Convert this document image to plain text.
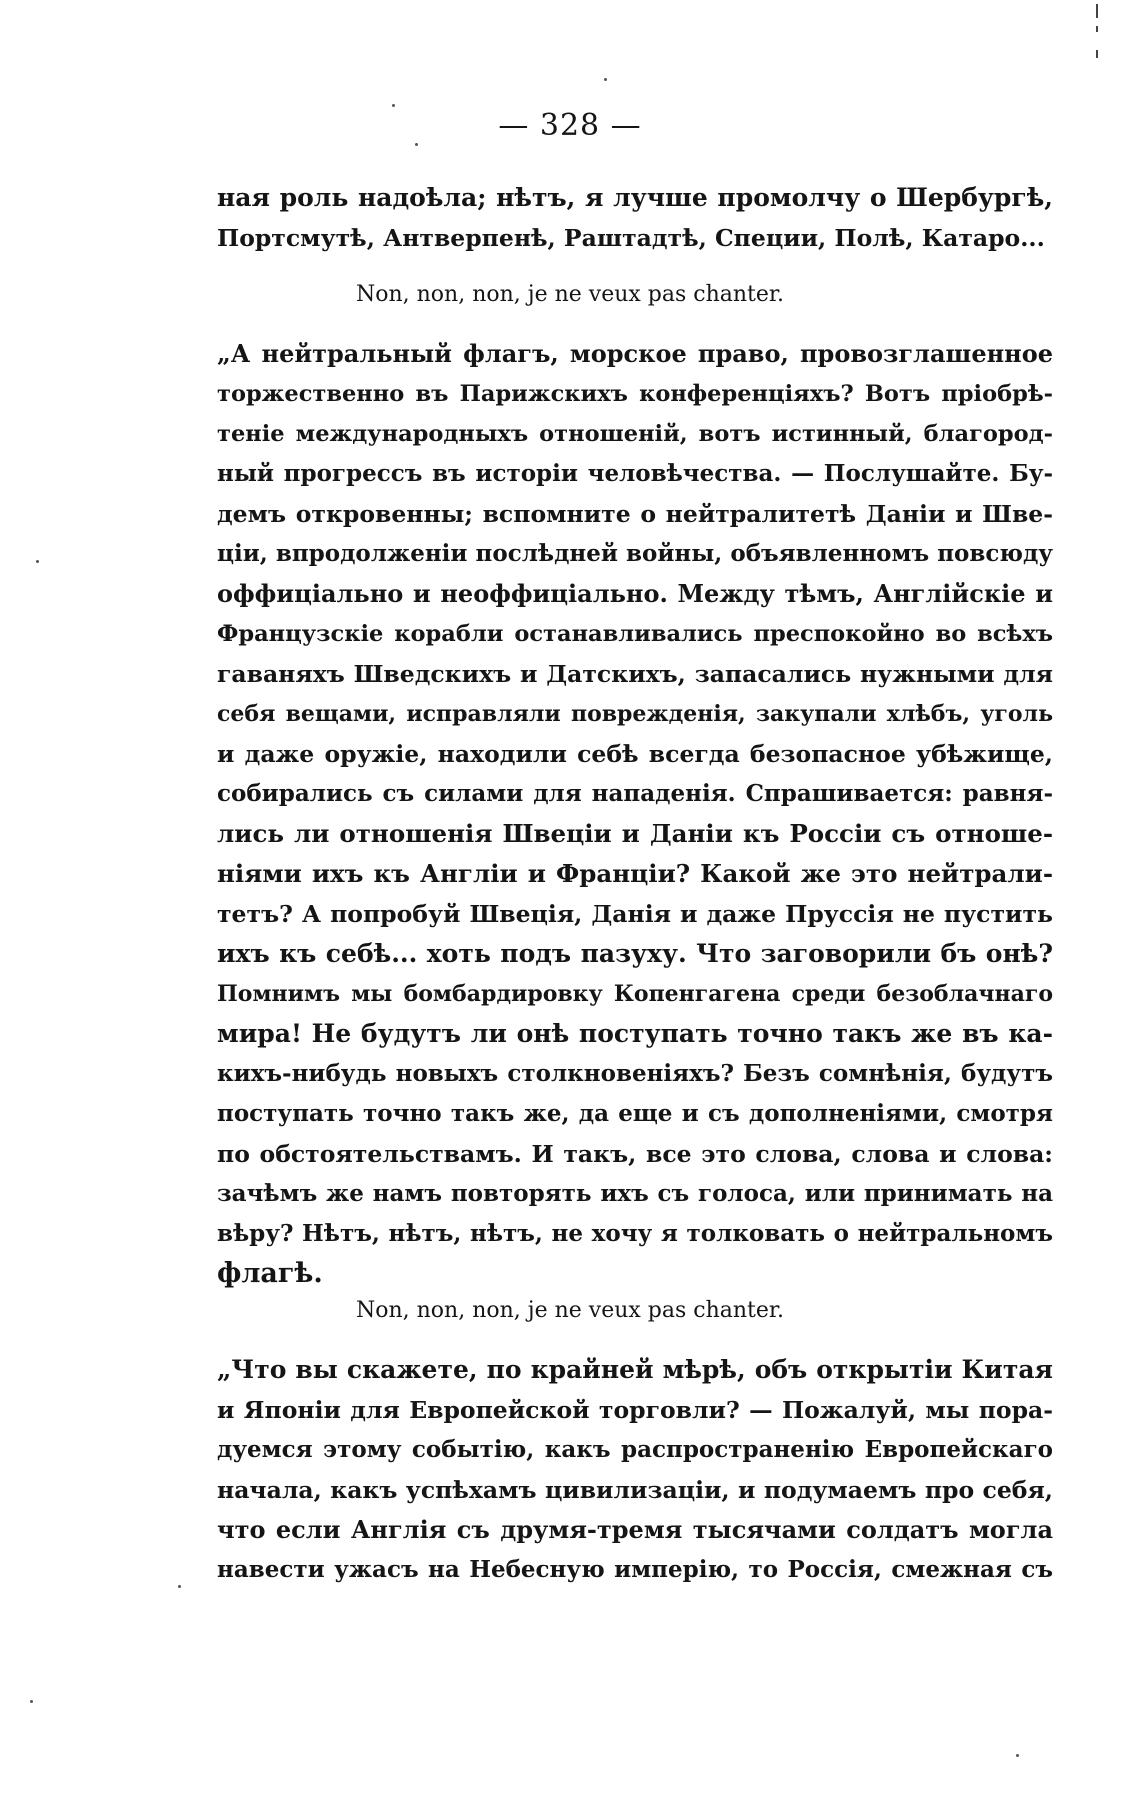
— 328 —
ная роль надоѣла; нѣтъ, я лучше промолчу о Шербургѣ,
Портсмутѣ, Антверпенѣ, Раштадтѣ, Специи, Полѣ, Катаро...
Non, non, non, je ne veux pas chanter.
„А нейтральный флагъ, морское право, провозглашенное
торжественно въ Парижскихъ конференціяхъ? Вотъ пріобрѣ-
теніе международныхъ отношеній, вотъ истинный, благород-
ный прогрессъ въ исторіи человѣчества. — Послушайте. Бу-
демъ откровенны; вспомните о нейтралитетѣ Даніи и Шве-
ціи, впродолженіи послѣдней войны, объявленномъ повсюду
оффиціально и неоффиціально. Между тѣмъ, Англійскіе и
Французскіе корабли останавливались преспокойно во всѣхъ
гаваняхъ Шведскихъ и Датскихъ, запасались нужными для
себя вещами, исправляли поврежденія, закупали хлѣбъ, уголь
и даже оружіе, находили себѣ всегда безопасное убѣжище,
собирались съ силами для нападенія. Спрашивается: равня-
лись ли отношенія Швеціи и Даніи къ Россіи съ отноше-
ніями ихъ къ Англіи и Франціи? Какой же это нейтрали-
тетъ? А попробуй Швеція, Данія и даже Пруссія не пустить
ихъ къ себѣ... хоть подъ пазуху. Что заговорили бъ онѣ?
Помнимъ мы бомбардировку Копенгагена среди безоблачнаго
мира! Не будутъ ли онѣ поступать точно такъ же въ ка-
кихъ-нибудь новыхъ столкновеніяхъ? Безъ сомнѣнія, будутъ
поступать точно такъ же, да еще и съ дополненіями, смотря
по обстоятельствамъ. И такъ, все это слова, слова и слова:
зачѣмъ же намъ повторять ихъ съ голоса, или принимать на
вѣру? Нѣтъ, нѣтъ, нѣтъ, не хочу я толковать о нейтральномъ
флагѣ.
Non, non, non, je ne veux pas chanter.
„Что вы скажете, по крайней мѣрѣ, объ открытіи Китая
и Японіи для Европейской торговли? — Пожалуй, мы пора-
дуемся этому событію, какъ распространенію Европейскаго
начала, какъ успѣхамъ цивилизаціи, и подумаемъ про себя,
что если Англія съ друмя-тремя тысячами солдатъ могла
навести ужасъ на Небесную имперію, то Россія, смежная съ
